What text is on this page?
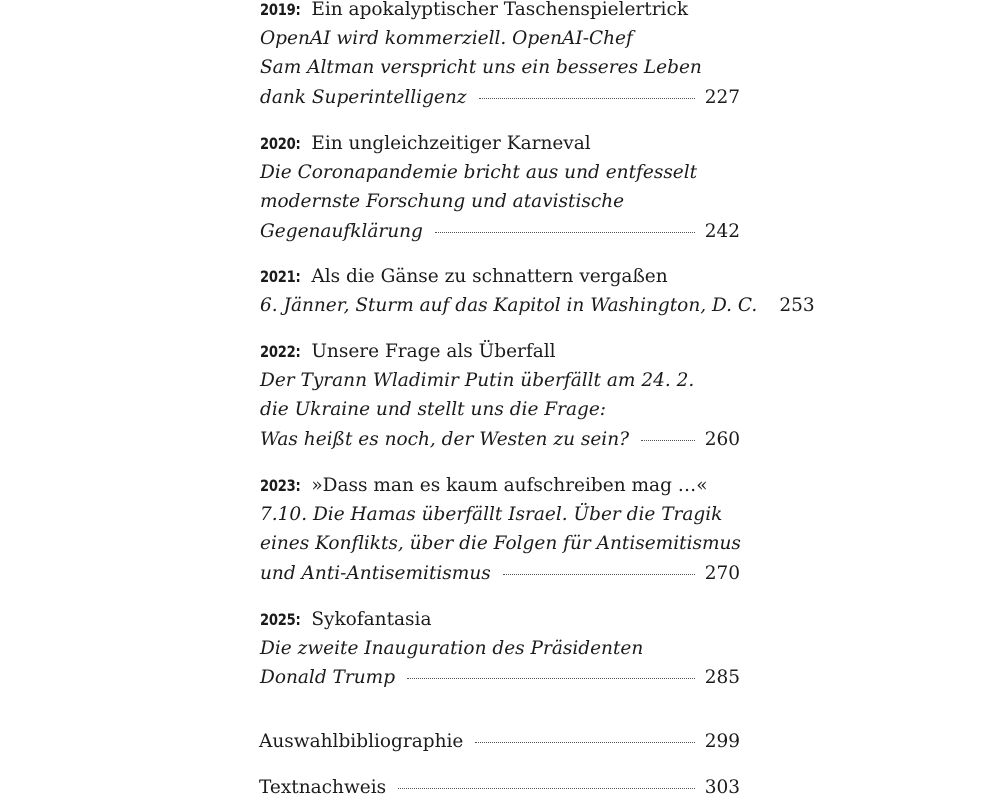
2019: Ein apokalyptischer Taschenspielertrick
OpenAI wird kommerziell. OpenAI-Chef
Sam Altman verspricht uns ein besseres Leben
dank Superintelligenz	227
2020: Ein ungleichzeitiger Karneval
Die Coronapandemie bricht aus und entfesselt
modernste Forschung und atavistische
Gegenaufklärung	242
2021: Als die Gänse zu schnattern vergaßen
6. Jänner, Sturm auf das Kapitol in Washington, D. C. 253
2022: Unsere Frage als Überfall
Der Tyrann Wladimir Putin überfällt am 24. 2.
die Ukraine und stellt uns die Frage:
Was heißt es noch, der Westen zu sein?	260
2023: »Dass man es kaum aufschreiben mag …«
7.10. Die Hamas überfällt Israel. Über die Tragik
eines Konflikts, über die Folgen für Antisemitismus
und Anti-Antisemitismus	270
2025: Sykofantasia
Die zweite Inauguration des Präsidenten
Donald Trump	285
Auswahlbibliographie	299
Textnachweis	303
